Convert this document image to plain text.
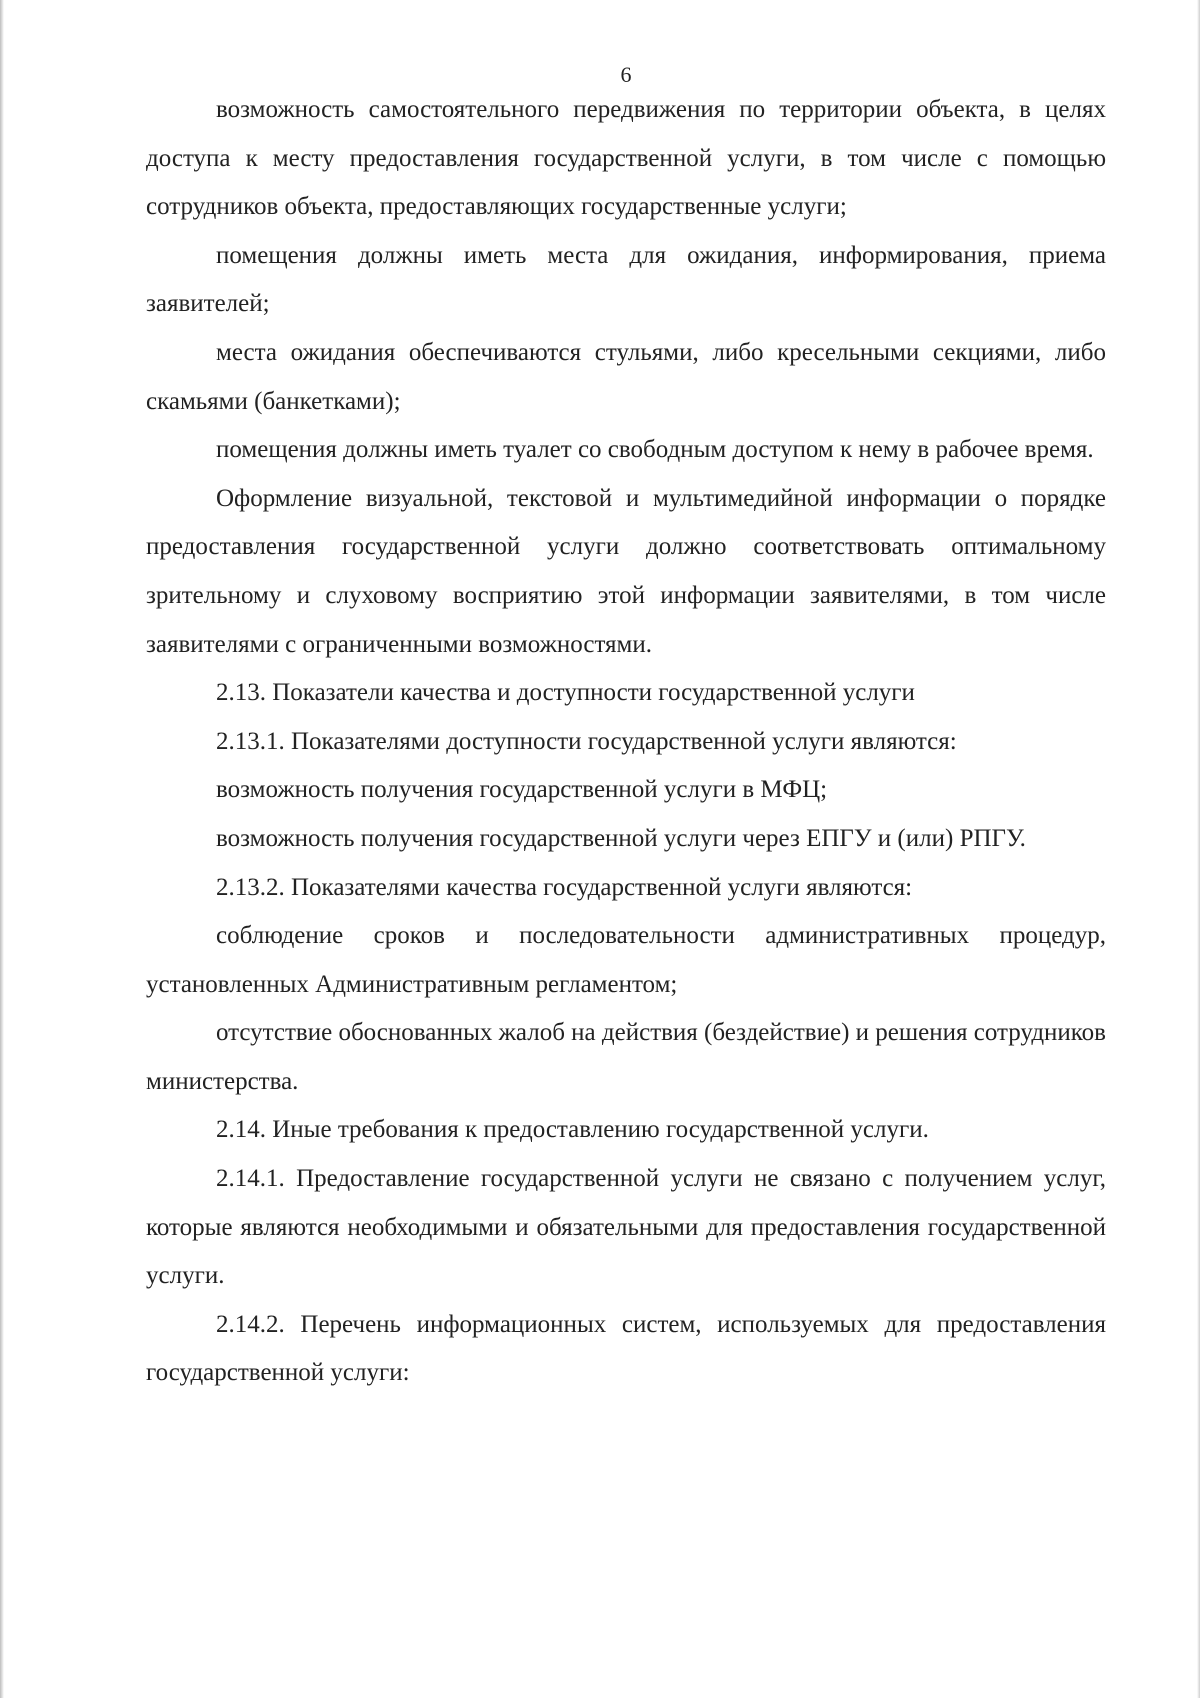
6

возможность самостоятельного передвижения по территории объекта, в целях доступа к месту предоставления государственной услуги, в том числе с помощью сотрудников объекта, предоставляющих государственные услуги;

помещения должны иметь места для ожидания, информирования, приема заявителей;

места ожидания обеспечиваются стульями, либо кресельными секциями, либо скамьями (банкетками);

помещения должны иметь туалет со свободным доступом к нему в рабочее время.

Оформление визуальной, текстовой и мультимедийной информации о порядке предоставления государственной услуги должно соответствовать оптимальному зрительному и слуховому восприятию этой информации заявителями, в том числе заявителями с ограниченными возможностями.

2.13. Показатели качества и доступности государственной услуги

2.13.1. Показателями доступности государственной услуги являются:

возможность получения государственной услуги в МФЦ;

возможность получения государственной услуги через ЕПГУ и (или) РПГУ.

2.13.2. Показателями качества государственной услуги являются:

соблюдение сроков и последовательности административных процедур, установленных Административным регламентом;

отсутствие обоснованных жалоб на действия (бездействие) и решения сотрудников министерства.

2.14. Иные требования к предоставлению государственной услуги.

2.14.1. Предоставление государственной услуги не связано с получением услуг, которые являются необходимыми и обязательными для предоставления государственной услуги.

2.14.2. Перечень информационных систем, используемых для предоставления государственной услуги:
